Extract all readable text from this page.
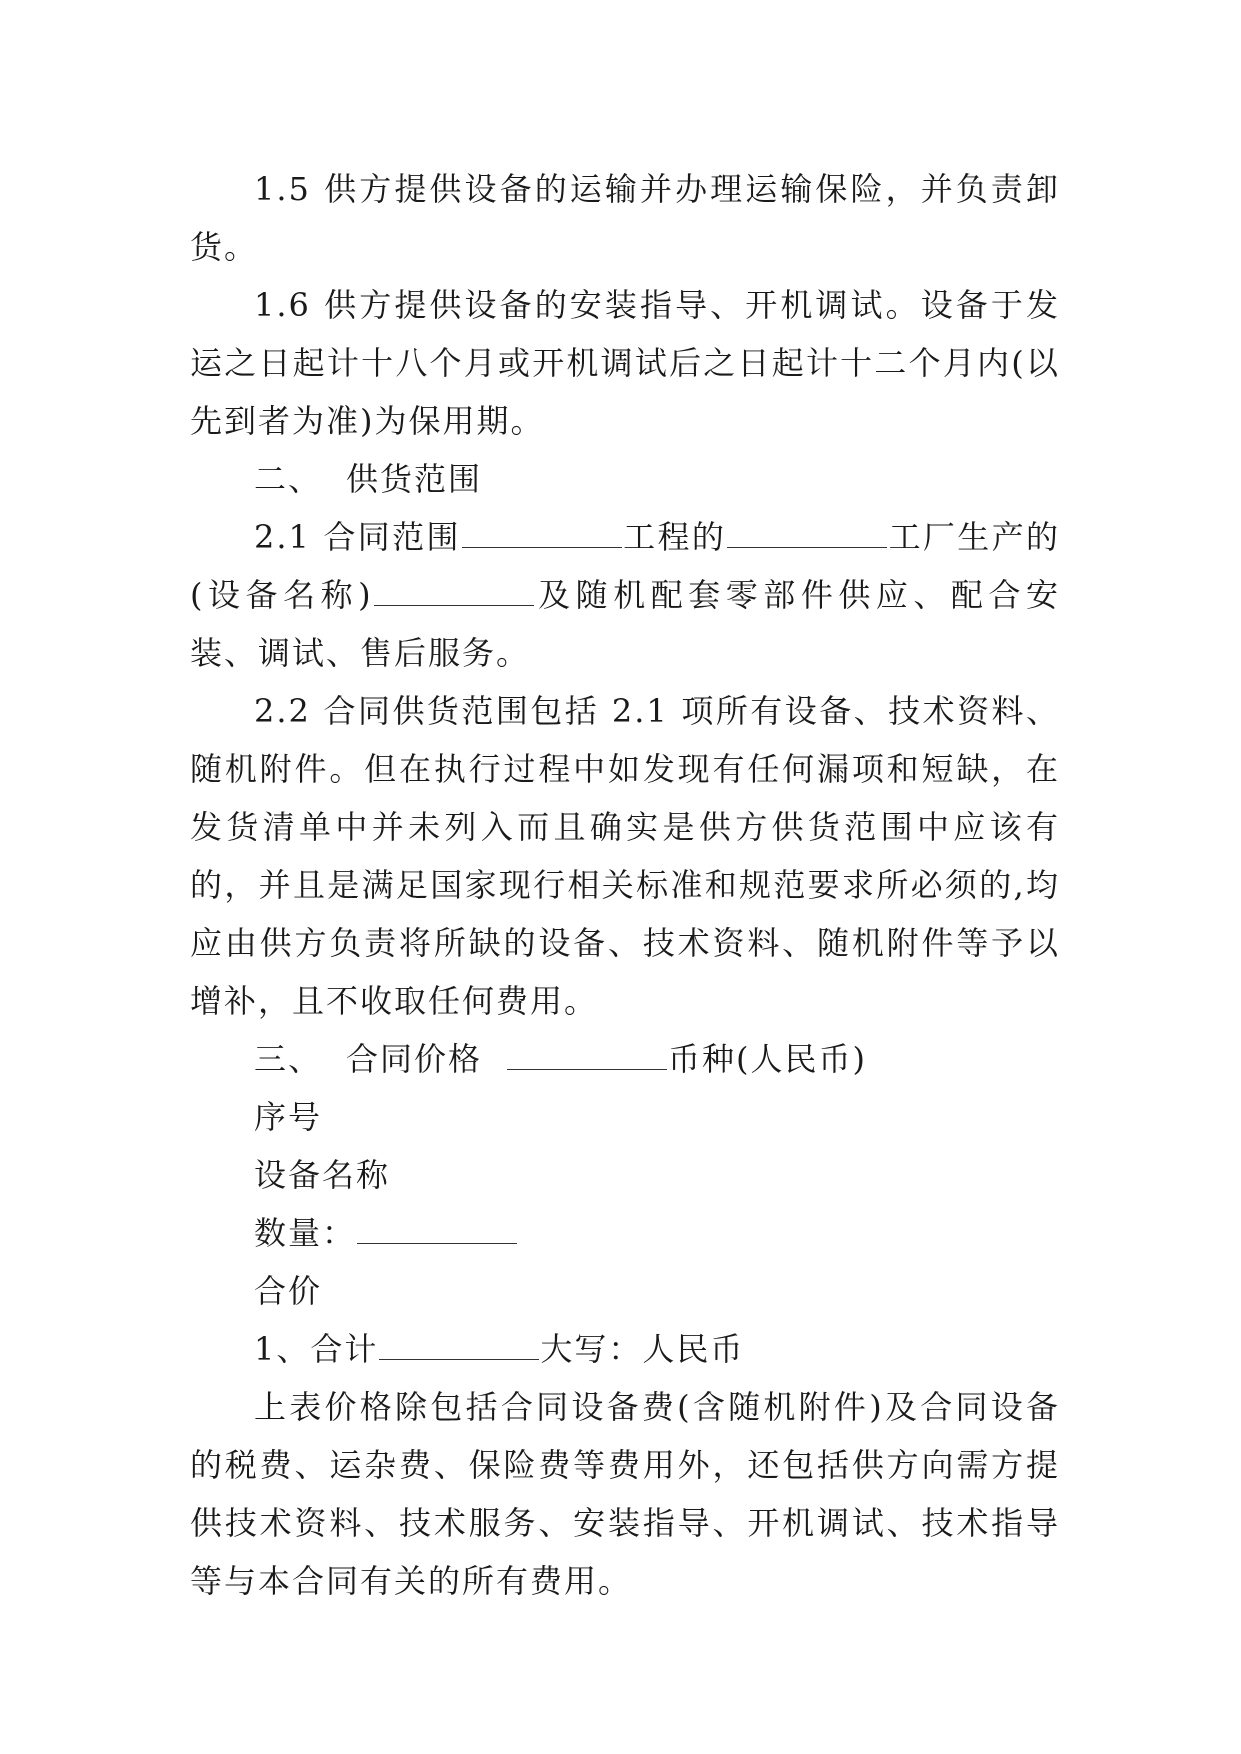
1.5 供方提供设备的运输并办理运输保险，并负责卸货。

1.6 供方提供设备的安装指导、开机调试。设备于发运之日起计十八个月或开机调试后之日起计十二个月内(以先到者为准)为保用期。

二、 供货范围

2.1 合同范围	工程的	工厂生产的(设备名称)	及随机配套零部件供应、配合安装、调试、售后服务。

2.2 合同供货范围包括 2.1 项所有设备、技术资料、随机附件。但在执行过程中如发现有任何漏项和短缺，在发货清单中并未列入而且确实是供方供货范围中应该有的，并且是满足国家现行相关标准和规范要求所必须的,均应由供方负责将所缺的设备、技术资料、随机附件等予以增补，且不收取任何费用。

三、 合同价格	币种(人民币)

序号

设备名称

数量：

合价

1、合计	大写：人民币

上表价格除包括合同设备费(含随机附件)及合同设备的税费、运杂费、保险费等费用外，还包括供方向需方提供技术资料、技术服务、安装指导、开机调试、技术指导等与本合同有关的所有费用。
